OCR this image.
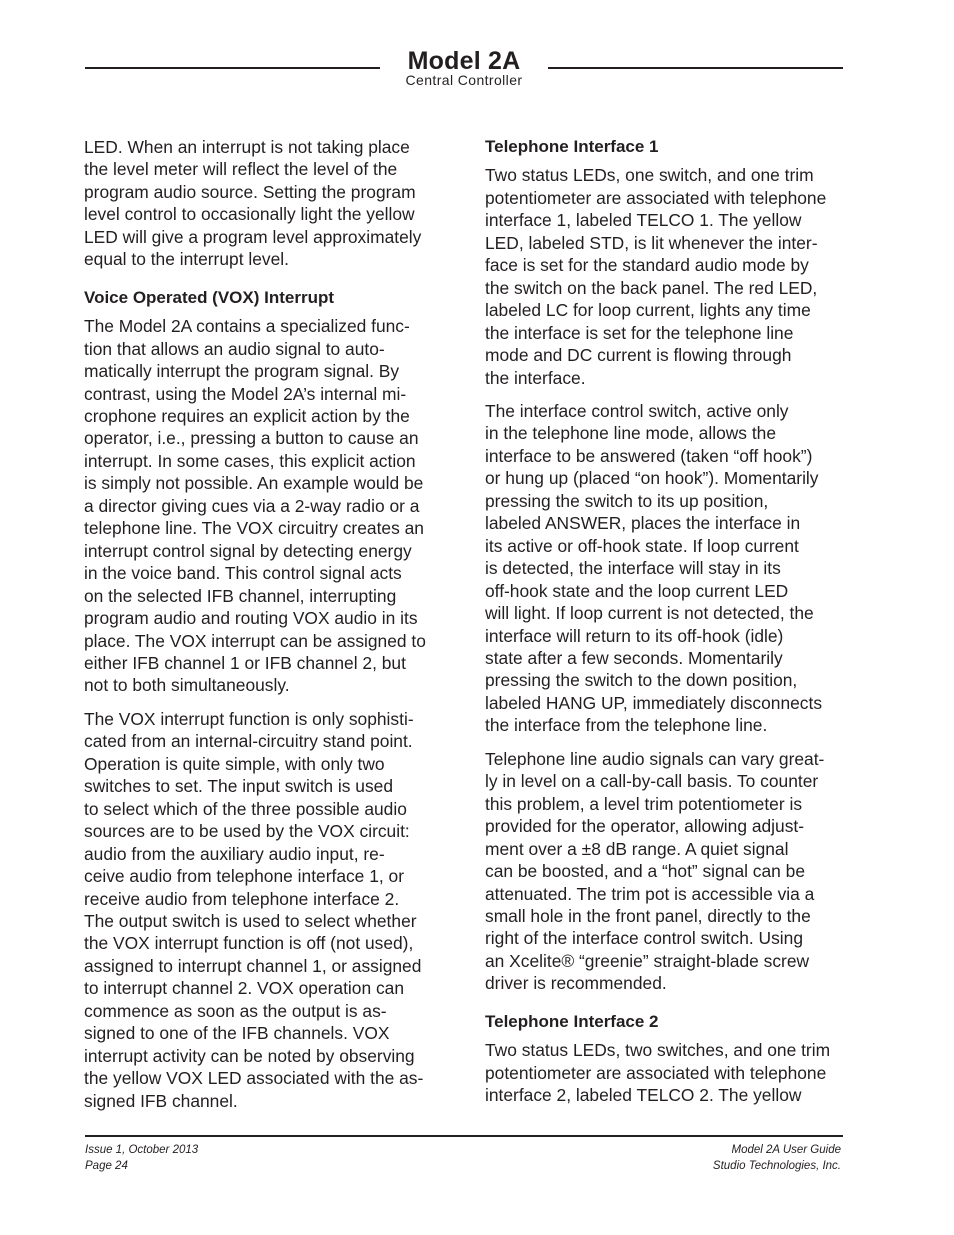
Model 2A
Central Controller

LED. When an interrupt is not taking place
the level meter will reflect the level of the
program audio source. Setting the program
level control to occasionally light the yellow
LED will give a program level approximately
equal to the interrupt level.

Voice Operated (VOX) Interrupt

The Model 2A contains a specialized func-
tion that allows an audio signal to auto-
matically interrupt the program signal. By
contrast, using the Model 2A’s internal mi-
crophone requires an explicit action by the
operator, i.e., pressing a button to cause an
interrupt. In some cases, this explicit action
is simply not possible. An example would be
a director giving cues via a 2-way radio or a
telephone line. The VOX circuitry creates an
interrupt control signal by detecting energy
in the voice band. This control signal acts
on the selected IFB channel, interrupting
program audio and routing VOX audio in its
place. The VOX interrupt can be assigned to
either IFB channel 1 or IFB channel 2, but
not to both simultaneously.

The VOX interrupt function is only sophisti-
cated from an internal-circuitry stand point.
Operation is quite simple, with only two
switches to set. The input switch is used
to select which of the three possible audio
sources are to be used by the VOX circuit:
audio from the auxiliary audio input, re-
ceive audio from telephone interface 1, or
receive audio from telephone interface 2.
The output switch is used to select whether
the VOX interrupt function is off (not used),
assigned to interrupt channel 1, or assigned
to interrupt channel 2. VOX operation can
commence as soon as the output is as-
signed to one of the IFB channels. VOX
interrupt activity can be noted by observing
the yellow VOX LED associated with the as-
signed IFB channel.

Telephone Interface 1

Two status LEDs, one switch, and one trim
potentiometer are associated with telephone
interface 1, labeled TELCO 1. The yellow
LED, labeled STD, is lit whenever the inter-
face is set for the standard audio mode by
the switch on the back panel. The red LED,
labeled LC for loop current, lights any time
the interface is set for the telephone line
mode and DC current is flowing through
the interface.

The interface control switch, active only
in the telephone line mode, allows the
interface to be answered (taken “off hook”)
or hung up (placed “on hook”). Momentarily
pressing the switch to its up position,
labeled ANSWER, places the interface in
its active or off-hook state. If loop current
is detected, the interface will stay in its
off-hook state and the loop current LED
will light. If loop current is not detected, the
interface will return to its off-hook (idle)
state after a few seconds. Momentarily
pressing the switch to the down position,
labeled HANG UP, immediately disconnects
the interface from the telephone line.

Telephone line audio signals can vary great-
ly in level on a call-by-call basis. To counter
this problem, a level trim potentiometer is
provided for the operator, allowing adjust-
ment over a ±8 dB range. A quiet signal
can be boosted, and a “hot” signal can be
attenuated. The trim pot is accessible via a
small hole in the front panel, directly to the
right of the interface control switch. Using
an Xcelite® “greenie” straight-blade screw
driver is recommended.

Telephone Interface 2

Two status LEDs, two switches, and one trim
potentiometer are associated with telephone
interface 2, labeled TELCO 2. The yellow

Issue 1, October 2013
Page 24
Model 2A User Guide
Studio Technologies, Inc.
